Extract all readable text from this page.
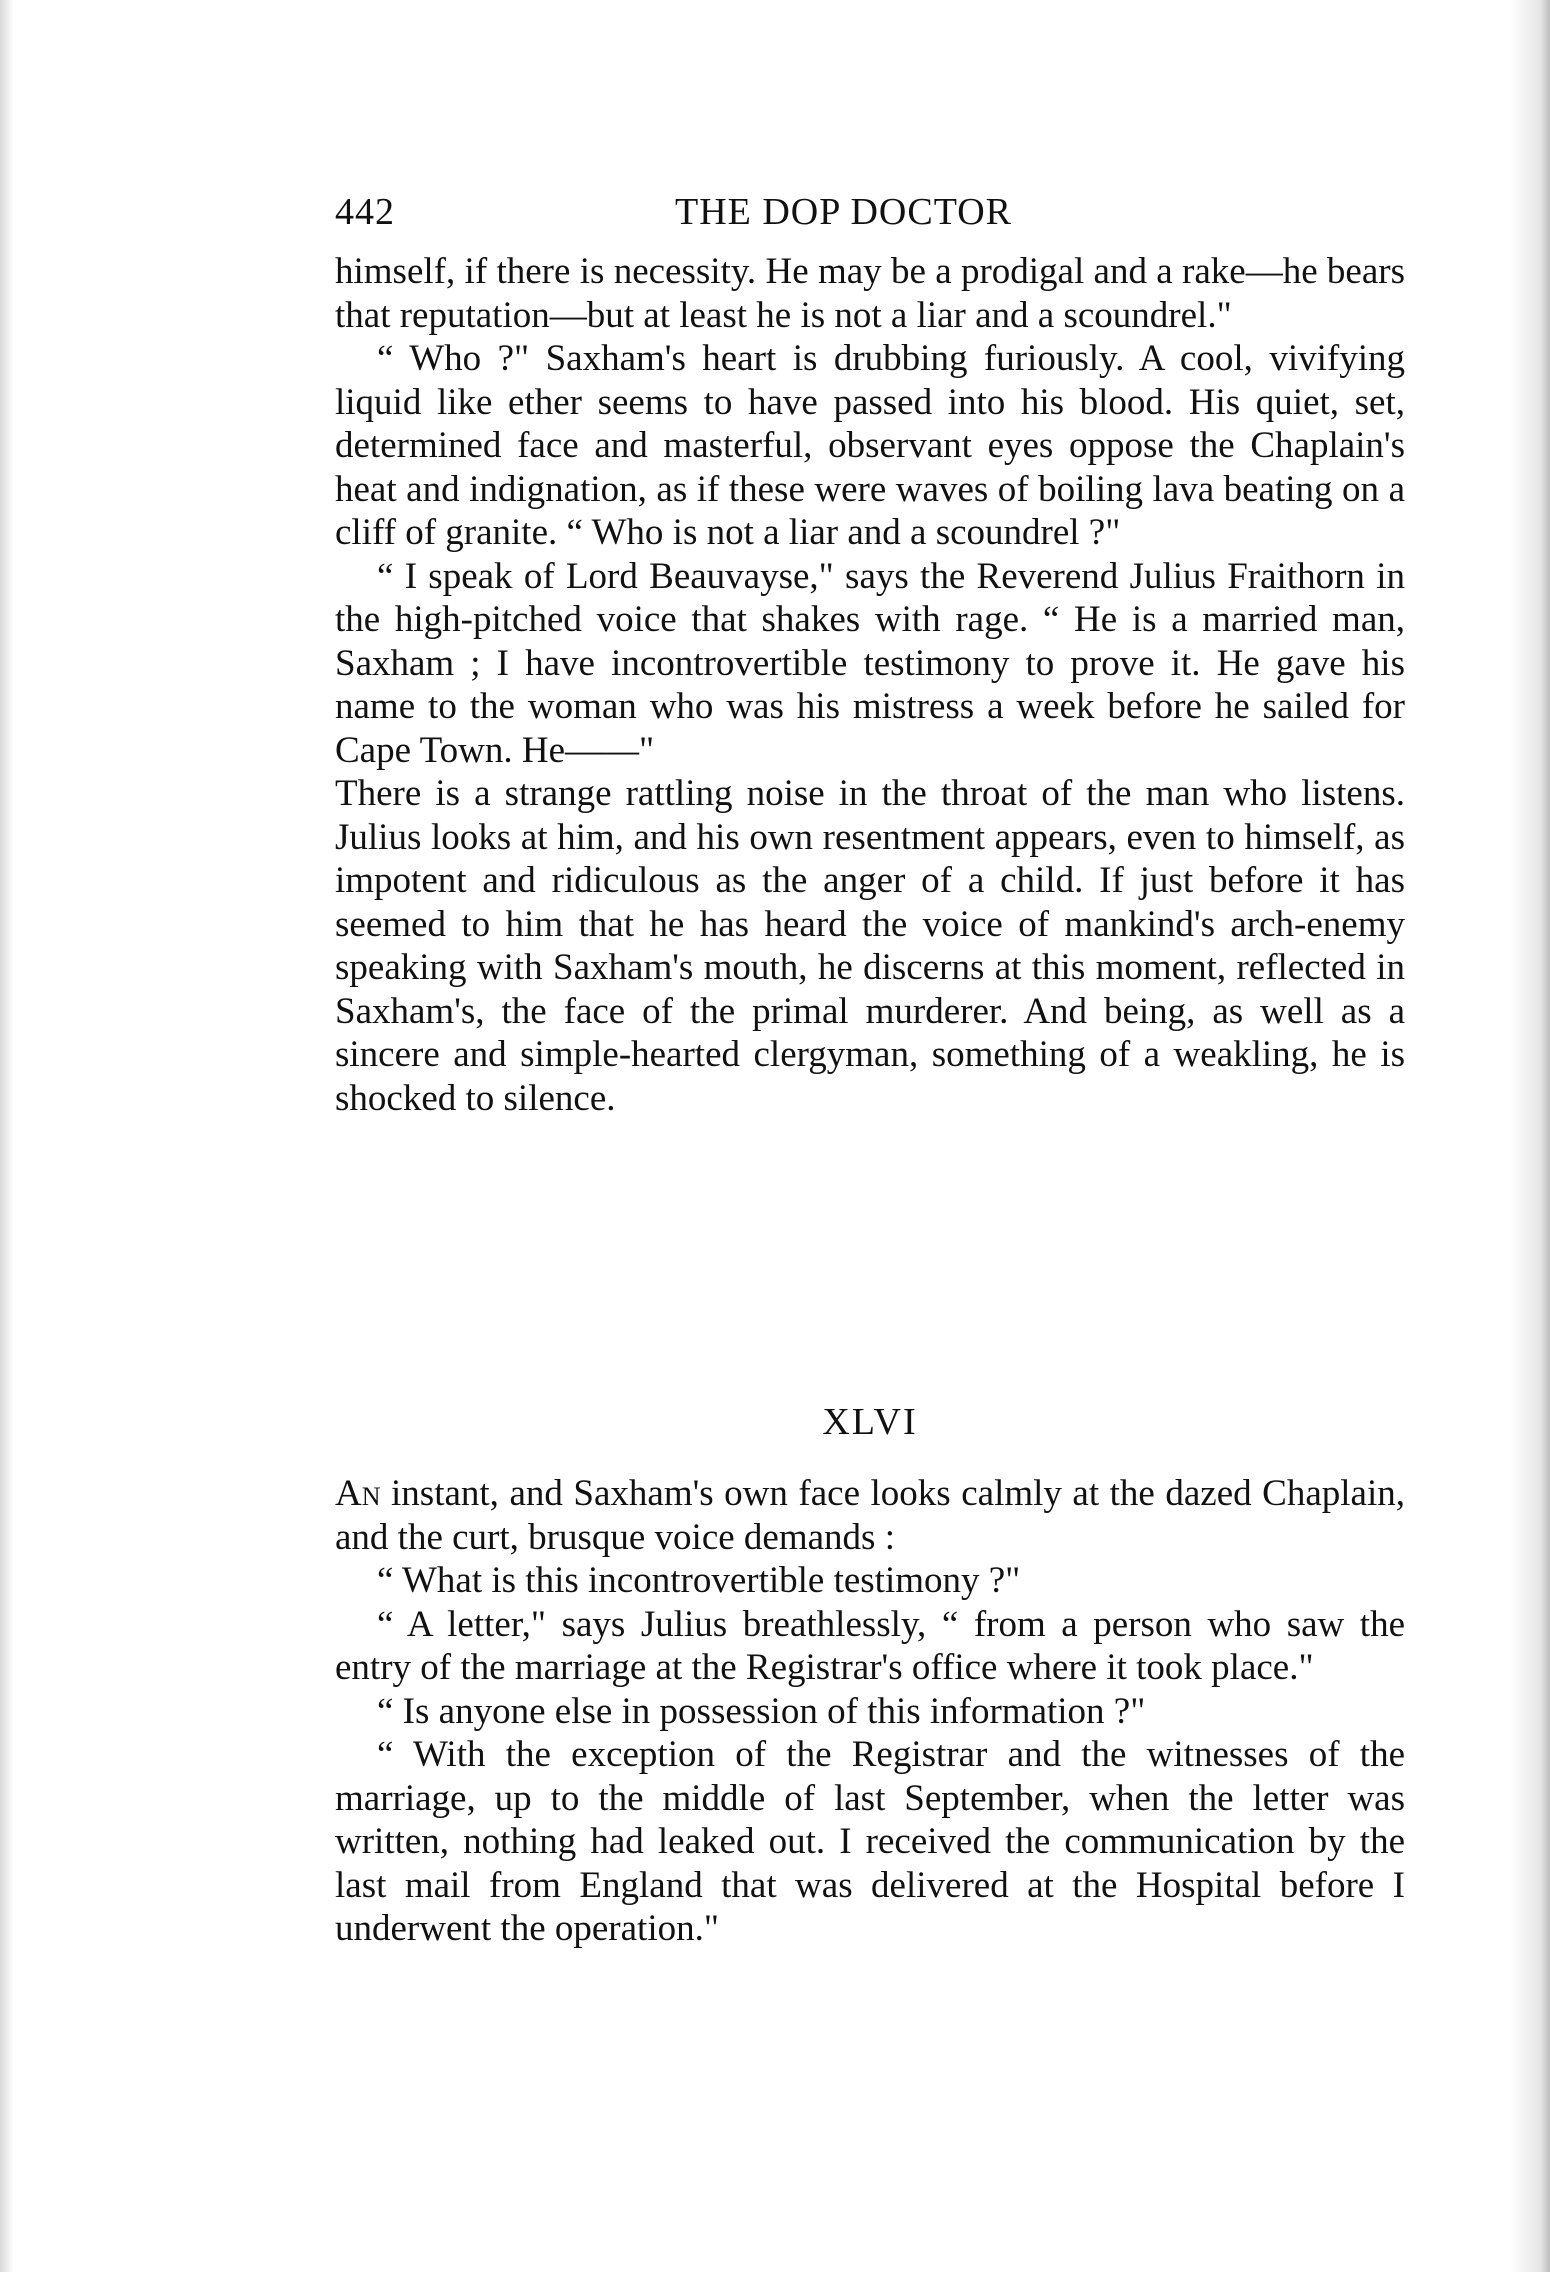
442	THE DOP DOCTOR

himself, if there is necessity. He may be a prodigal and a rake—he bears that reputation—but at least he is not a liar and a scoundrel."

“ Who ?" Saxham's heart is drubbing furiously. A cool, vivifying liquid like ether seems to have passed into his blood. His quiet, set, determined face and masterful, observant eyes oppose the Chaplain's heat and indignation, as if these were waves of boiling lava beating on a cliff of granite. “ Who is not a liar and a scoundrel ?"

“ I speak of Lord Beauvayse," says the Reverend Julius Fraithorn in the high-pitched voice that shakes with rage. “ He is a married man, Saxham ; I have incontrovertible testimony to prove it. He gave his name to the woman who was his mistress a week before he sailed for Cape Town. He——"

There is a strange rattling noise in the throat of the man who listens. Julius looks at him, and his own resentment appears, even to himself, as impotent and ridiculous as the anger of a child. If just before it has seemed to him that he has heard the voice of mankind's arch-enemy speaking with Saxham's mouth, he discerns at this moment, reflected in Saxham's, the face of the primal murderer. And being, as well as a sincere and simple-hearted clergyman, something of a weakling, he is shocked to silence.

XLVI

An instant, and Saxham's own face looks calmly at the dazed Chaplain, and the curt, brusque voice demands :

“ What is this incontrovertible testimony ?"

“ A letter," says Julius breathlessly, “ from a person who saw the entry of the marriage at the Registrar's office where it took place."

“ Is anyone else in possession of this information ?"

“ With the exception of the Registrar and the witnesses of the marriage, up to the middle of last September, when the letter was written, nothing had leaked out. I received the communication by the last mail from England that was delivered at the Hospital before I underwent the operation."
